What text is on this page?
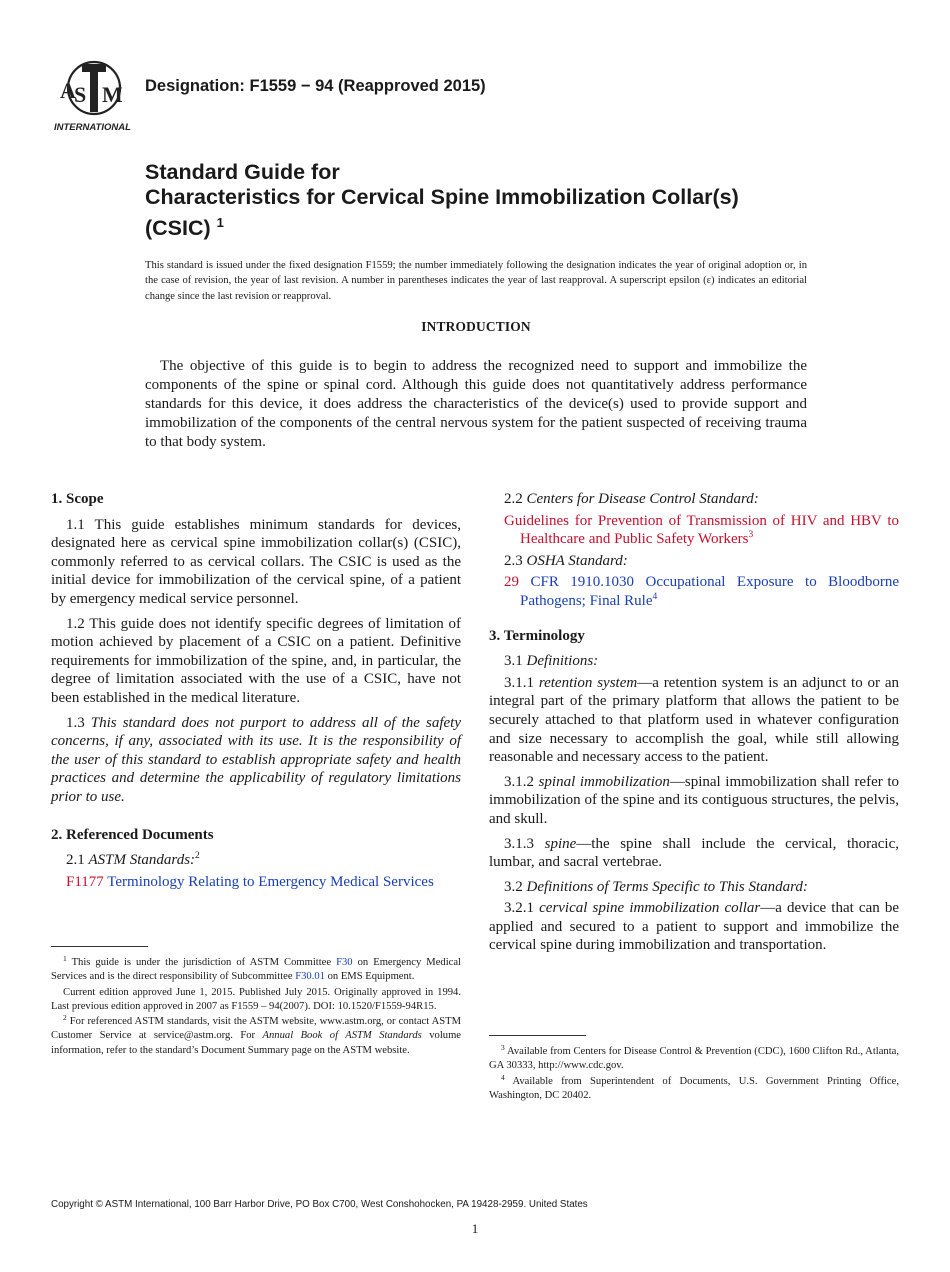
A
S M
INTERNATIONAL
Designation: F1559 − 94 (Reapproved 2015)
Standard Guide for
Characteristics for Cervical Spine Immobilization Collar(s)
(CSIC) $^1$
This standard is issued under the fixed designation F1559; the number immediately following the designation indicates the year of original adoption or, in the case of revision, the year of last revision. A number in parentheses indicates the year of last reapproval. A superscript epsilon (ε) indicates an editorial change since the last revision or reapproval.
INTRODUCTION
The objective of this guide is to begin to address the recognized need to support and immobilize the components of the spine or spinal cord. Although this guide does not quantitatively address performance standards for this device, it does address the characteristics of the device(s) used to provide support and immobilization of the components of the central nervous system for the patient suspected of receiving trauma to that body system.
1. Scope

1.1 This guide establishes minimum standards for devices, designated here as cervical spine immobilization collar(s) (CSIC), commonly referred to as cervical collars. The CSIC is used as the initial device for immobilization of the cervical spine, of a patient by emergency medical service personnel.

1.2 This guide does not identify specific degrees of limitation of motion achieved by placement of a CSIC on a patient. Definitive requirements for immobilization of the spine, and, in particular, the degree of limitation associated with the use of a CSIC, have not been established in the medical literature.

1.3 This standard does not purport to address all of the safety concerns, if any, associated with its use. It is the responsibility of the user of this standard to establish appropriate safety and health practices and determine the applicability of regulatory limitations prior to use.

2. Referenced Documents

2.1 ASTM Standards:$^2$

F1177 Terminology Relating to Emergency Medical Services

2.2 Centers for Disease Control Standard:

Guidelines for Prevention of Transmission of HIV and HBV to Healthcare and Public Safety Workers$^3$

2.3 OSHA Standard:

29 CFR 1910.1030 Occupational Exposure to Bloodborne Pathogens; Final Rule$^4$

3. Terminology

3.1 Definitions:

3.1.1 retention system—a retention system is an adjunct to or an integral part of the primary platform that allows the patient to be securely attached to that platform used in whatever configuration and size necessary to accomplish the goal, while still allowing reasonable and necessary access to the patient.

3.1.2 spinal immobilization—spinal immobilization shall refer to immobilization of the spine and its contiguous structures, the pelvis, and skull.

3.1.3 spine—the spine shall include the cervical, thoracic, lumbar, and sacral vertebrae.

3.2 Definitions of Terms Specific to This Standard:

3.2.1 cervical spine immobilization collar—a device that can be applied and secured to a patient to support and immobilize the cervical spine during immobilization and transportation.

$^1$ This guide is under the jurisdiction of ASTM Committee F30 on Emergency Medical Services and is the direct responsibility of Subcommittee F30.01 on EMS Equipment.

Current edition approved June 1, 2015. Published July 2015. Originally approved in 1994. Last previous edition approved in 2007 as F1559 – 94(2007). DOI: 10.1520/F1559-94R15.

$^2$ For referenced ASTM standards, visit the ASTM website, www.astm.org, or contact ASTM Customer Service at service@astm.org. For Annual Book of ASTM Standards volume information, refer to the standard’s Document Summary page on the ASTM website.	$^3$ Available from Centers for Disease Control & Prevention (CDC), 1600 Clifton Rd., Atlanta, GA 30333, http://www.cdc.gov.

$^4$ Available from Superintendent of Documents, U.S. Government Printing Office, Washington, DC 20402.

Copyright © ASTM International, 100 Barr Harbor Drive, PO Box C700, West Conshohocken, PA 19428-2959. United States
1
